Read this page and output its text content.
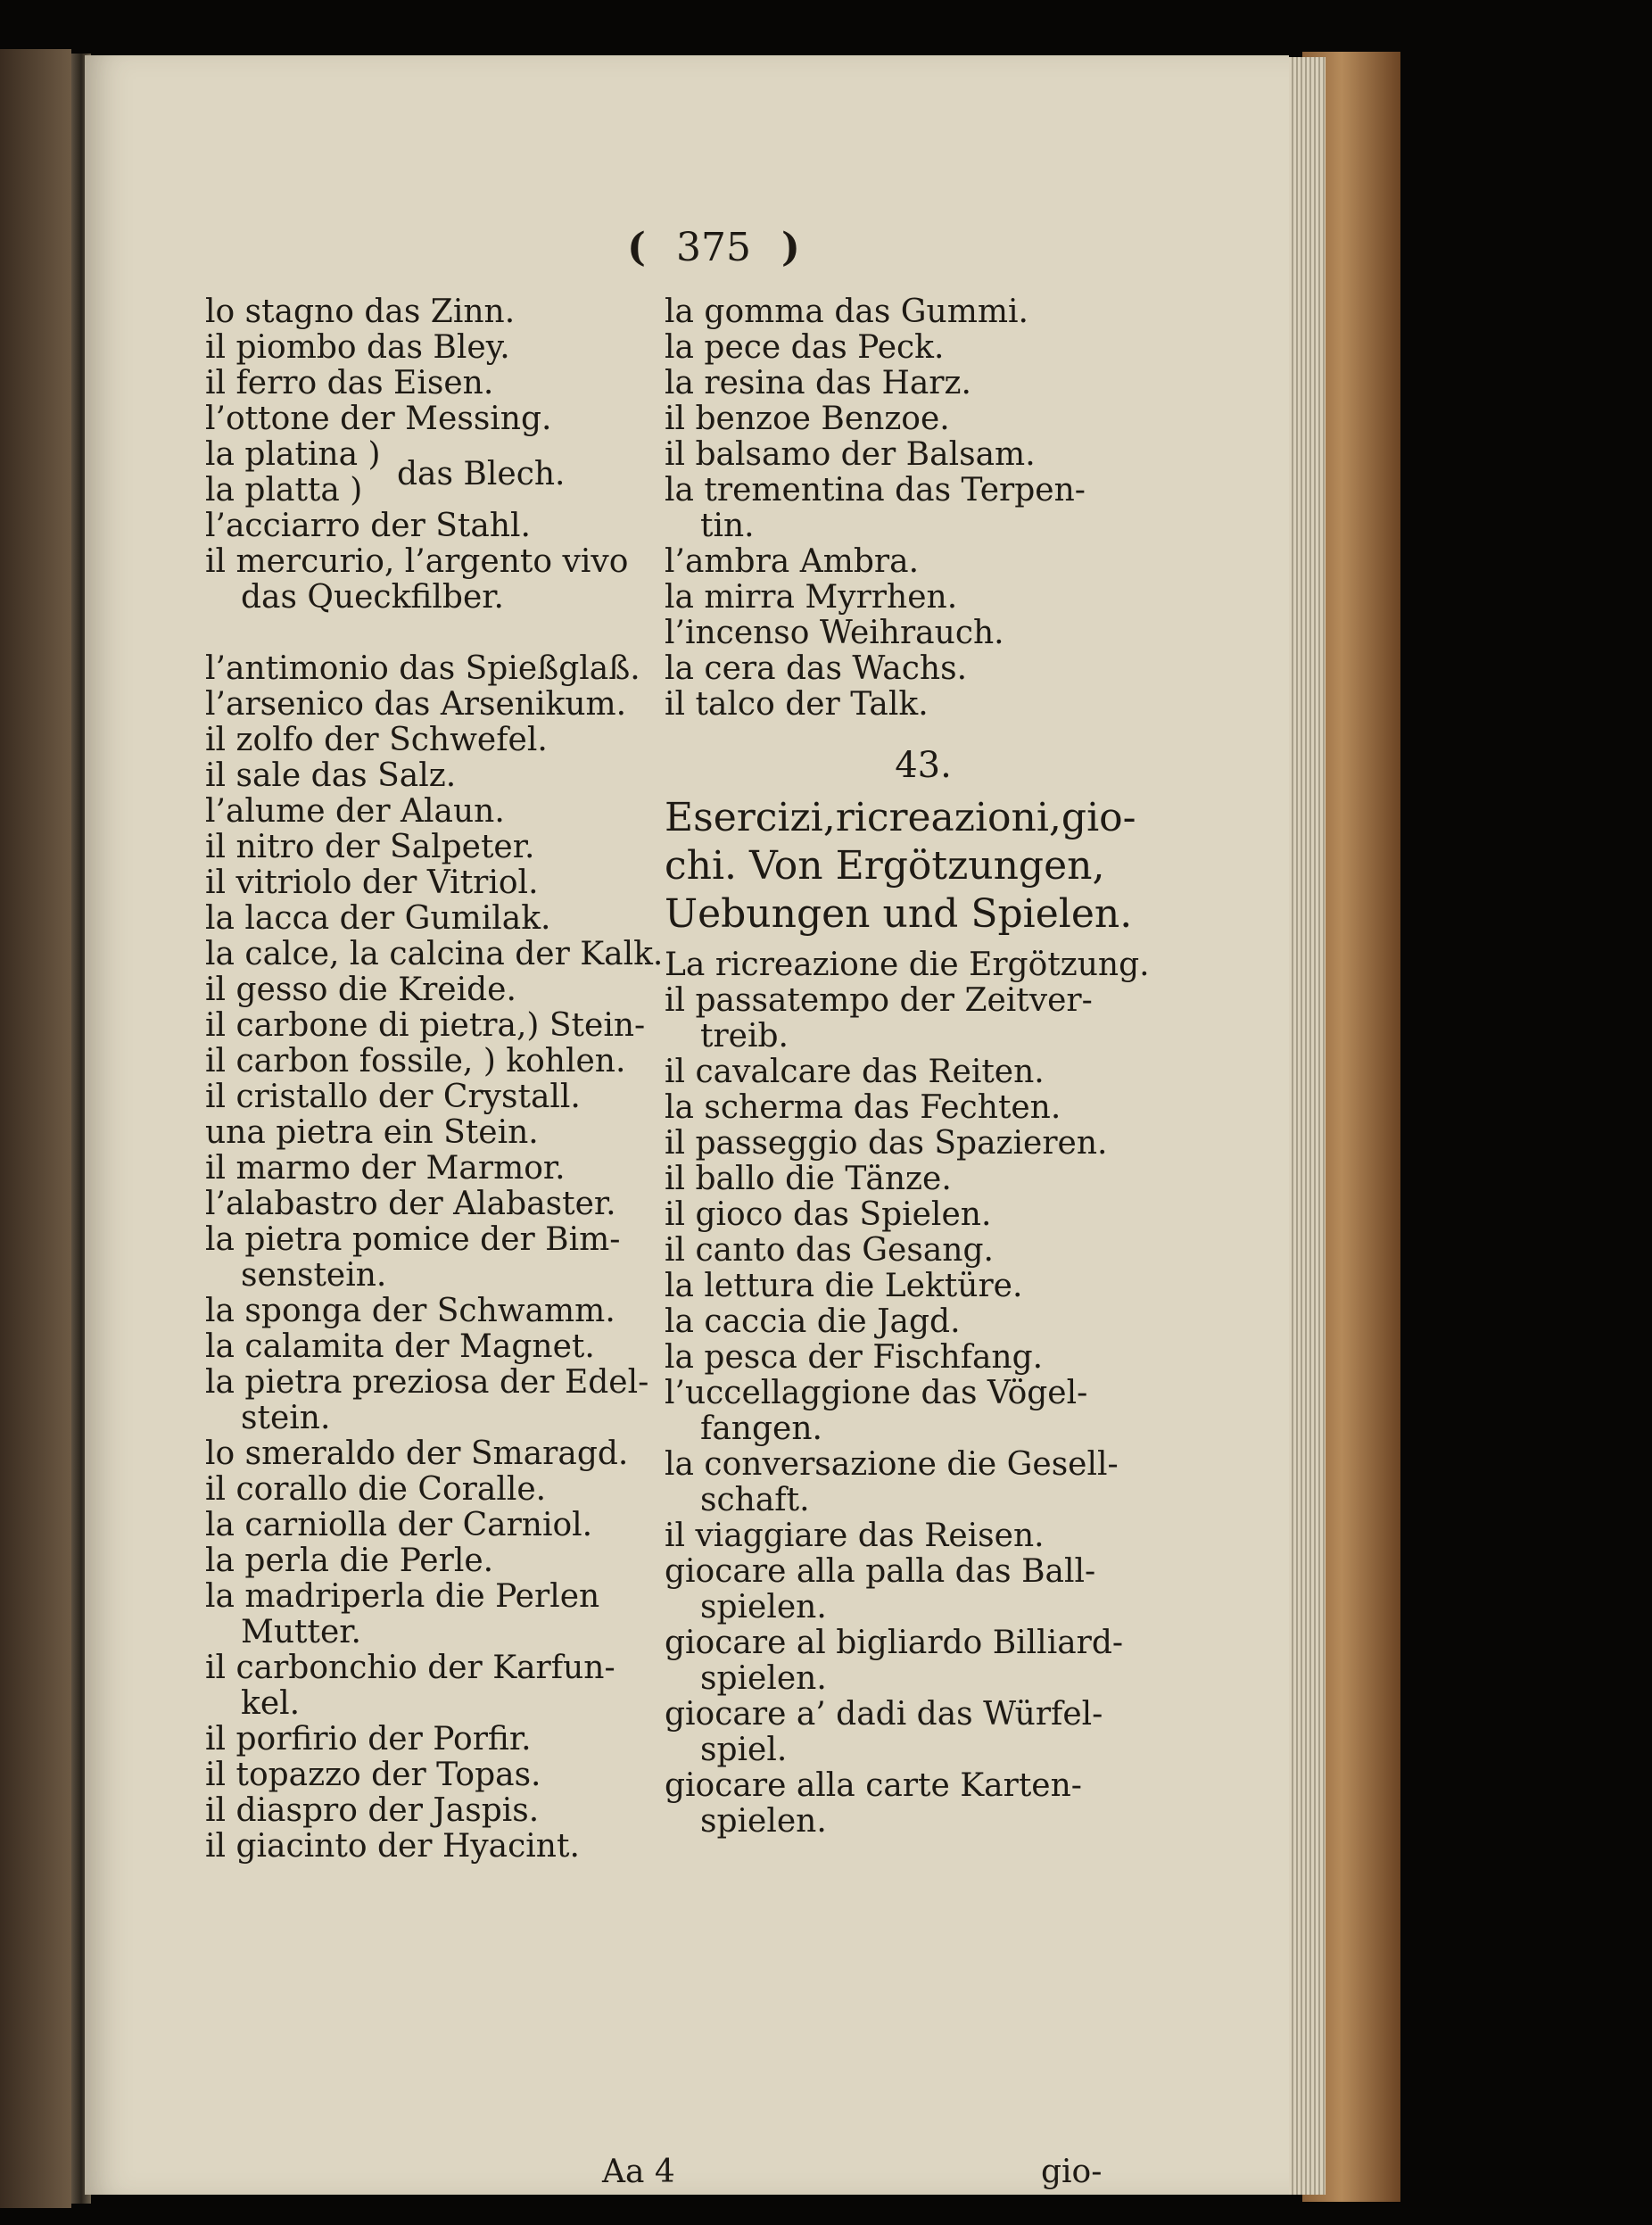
( 375 )
lo stagno das Zinn.
il piombo das Bley.
il ferro das Eisen.
l’ottone der Messing.
la platina )
la platta )	das Blech.
l’acciarro der Stahl.
il mercurio, l’argento vivo
das Queckfilber.
l’antimonio das Spießglaß.
l’arsenico das Arsenikum.
il zolfo der Schwefel.
il sale das Salz.
l’alume der Alaun.
il nitro der Salpeter.
il vitriolo der Vitriol.
la lacca der Gumilak.
la calce, la calcina der Kalk.
il gesso die Kreide.
il carbone di pietra,) Stein-
il carbon fossile, ) kohlen.
il cristallo der Crystall.
una pietra ein Stein.
il marmo der Marmor.
l’alabastro der Alabaster.
la pietra pomice der Bim-
senstein.
la sponga der Schwamm.
la calamita der Magnet.
la pietra preziosa der Edel-
stein.
lo smeraldo der Smaragd.
il corallo die Coralle.
la carniolla der Carniol.
la perla die Perle.
la madriperla die Perlen
Mutter.
il carbonchio der Karfun-
kel.
il porfirio der Porfir.
il topazzo der Topas.
il diaspro der Jaspis.
il giacinto der Hyacint.
la gomma das Gummi.
la pece das Peck.
la resina das Harz.
il benzoe Benzoe.
il balsamo der Balsam.
la trementina das Terpen-
tin.
l’ambra Ambra.
la mirra Myrrhen.
l’incenso Weihrauch.
la cera das Wachs.
il talco der Talk.
43.
Esercizi,ricreazioni,gio-
chi. Von Ergötzungen,
Uebungen und Spielen.
La ricreazione die Ergötzung.
il passatempo der Zeitver-
treib.
il cavalcare das Reiten.
la scherma das Fechten.
il passeggio das Spazieren.
il ballo die Tänze.
il gioco das Spielen.
il canto das Gesang.
la lettura die Lektüre.
la caccia die Jagd.
la pesca der Fischfang.
l’uccellaggione das Vögel-
fangen.
la conversazione die Gesell-
schaft.
il viaggiare das Reisen.
giocare alla palla das Ball-
spielen.
giocare al bigliardo Billiard-
spielen.
giocare a’ dadi das Würfel-
spiel.
giocare alla carte Karten-
spielen.
Aa 4	gio-
